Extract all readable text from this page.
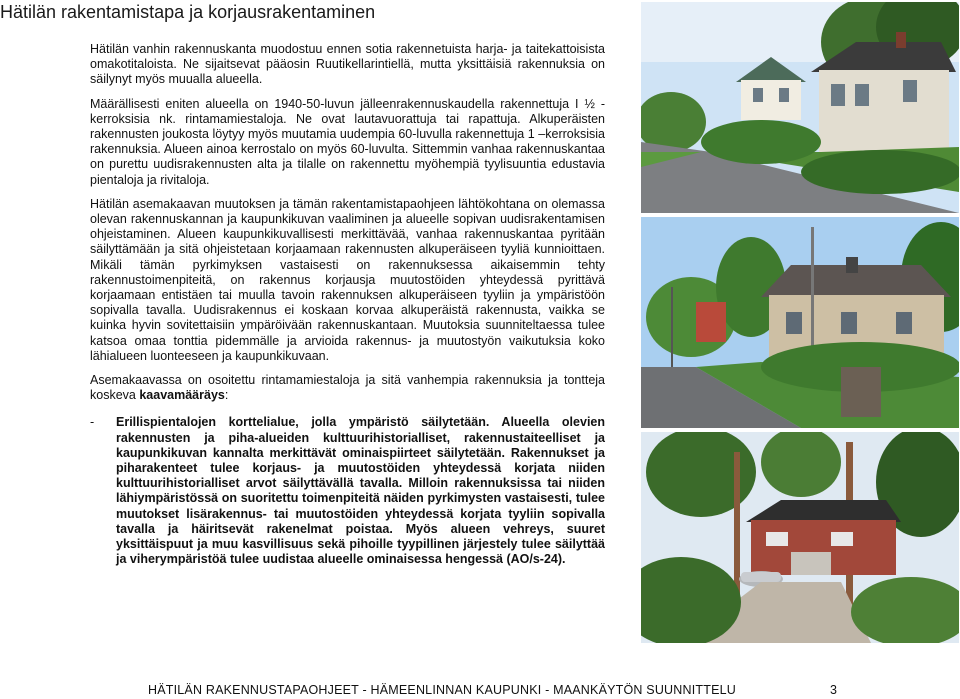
Hätilän rakentamistapa ja korjausrakentaminen

Hätilän vanhin rakennuskanta muodostuu ennen sotia rakennetuista harja- ja taitekattoisista omakotitaloista. Ne sijaitsevat pääosin Ruutikellarintiellä, mutta yksittäisiä rakennuksia on säilynyt myös muualla alueella.

Määrällisesti eniten alueella on 1940-50-luvun jälleenrakennuskaudella rakennettuja I ½ -kerroksisia nk. rintamamiestaloja. Ne ovat lautavuorattuja tai rapattuja. Alkuperäisten rakennusten joukosta löytyy myös muutamia uudempia 60-luvulla rakennettuja 1 –kerroksisia rakennuksia. Alueen ainoa kerrostalo on myös 60-luvulta. Sittemmin vanhaa rakennuskantaa on purettu uudisrakennusten alta ja tilalle on rakennettu myöhempiä tyylisuuntia edustavia pientaloja ja rivitaloja.

Hätilän asemakaavan muutoksen ja tämän rakentamistapaohjeen lähtökohtana on olemassa olevan rakennuskannan ja kaupunkikuvan vaaliminen ja alueelle sopivan uudisrakentamisen ohjeistaminen. Alueen kaupunkikuvallisesti merkittävää, vanhaa rakennuskantaa pyritään säilyttämään ja sitä ohjeistetaan korjaamaan rakennusten alkuperäiseen tyyliä kunnioittaen. Mikäli tämän pyrkimyksen vastaisesti on rakennuksessa aikaisemmin tehty rakennustoimenpiteitä, on rakennus korjausja muutostöiden yhteydessä pyrittävä korjaamaan entistäen tai muulla tavoin rakennuksen alkuperäiseen tyyliin ja ympäristöön sopivalla tavalla. Uudisrakennus ei koskaan korvaa alkuperäistä rakennusta, vaikka se kuinka hyvin sovitettaisiin ympäröivään rakennuskantaan. Muutoksia suunniteltaessa tulee katsoa omaa tonttia pidemmälle ja arvioida rakennus- ja muutostyön vaikutuksia koko lähialueen luonteeseen ja kaupunkikuvaan.

Asemakaavassa on osoitettu rintamamiestaloja ja sitä vanhempia rakennuksia ja tontteja koskeva kaavamääräys:

-	Erillispientalojen korttelialue, jolla ympäristö säilytetään. Alueella olevien rakennusten ja piha-alueiden kulttuurihistorialliset, rakennustaiteelliset ja kaupunkikuvan kannalta merkittävät ominaispiirteet säilytetään. Rakennukset ja piharakenteet tulee korjaus- ja muutostöiden yhteydessä korjata niiden kulttuurihistorialliset arvot säilyttävällä tavalla. Milloin rakennuksissa tai niiden lähiympäristössä on suoritettu toimenpiteitä näiden pyrkimysten vastaisesti, tulee muutokset lisärakennus- tai muutostöiden yhteydessä korjata tyyliin sopivalla tavalla ja häiritsevät rakenelmat poistaa. Myös alueen vehreys, suuret yksittäispuut ja muu kasvillisuus sekä pihoille tyypillinen järjestely tulee säilyttää ja viherympäristöä tulee uudistaa alueelle ominaisessa hengessä (AO/s-24).
HÄTILÄN RAKENNUSTAPAOHJEET - HÄMEENLINNAN KAUPUNKI - MAANKÄYTÖN SUUNNITTELU	3
